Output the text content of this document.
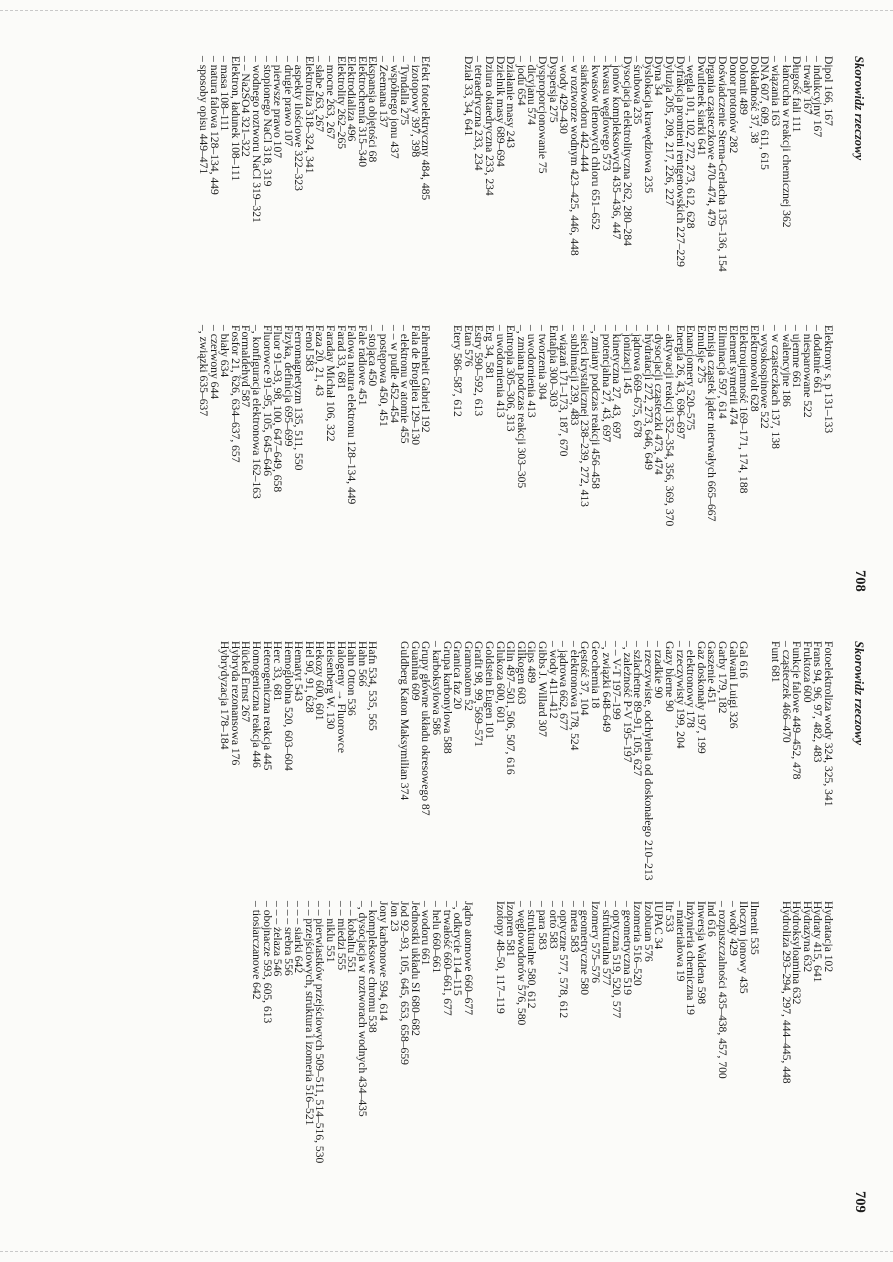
Skorowidz rzeczowy
708
Dipol 166, 167
– indukcyjny 167
– trwały 167
Długość fali 111
– łańcucha w reakcji chemicznej 362
– wiązania 163
DNA 607, 609, 611, 615
Dokładność 37, 38
Dolomit 489
Donor protonów 282
Doświadczenie Sterna-Gerlacha 135–136, 154
Drgania cząsteczkowe 470–474, 479
Dwutlenek siarki 641
– węgla 101, 102, 272, 273, 612, 628
Dyfrakcja promieni rentgenowskich 227–229
Dyluzja 205, 209, 217, 226, 227
Dyna 34
Dyslokacja krawędziowa 235
– śrubowa 235
Dysocjacja elektrolityczna 262, 280–284
– jonów kompleksowych 435–436, 447
– kwasu węglowego 573
– kwasów tlenowych chloru 651–652
– siarkowodoru 442–444
– w roztworze wodnym 423–425, 446, 448
– wody 429–430
Dyspersja 275
Dysproporcjonowanie 75
– dicyjanu 574
– jodu 654
Działanie masy 243
Dzielnik masy 689–694
Dziura oktaedryczna 233, 234
– tetraedryczna 233, 234
Dział 33, 34, 641
Efekt fotoelektryczny 484, 485
– izotopowy 397, 398
– Tyndalla 275
– współnego jonu 437
– Zeemana 137
Ekspansja objętości 68
Elektrochemia 315–340
Elektrodializa 496
Elektrolity 262–265
– mocne 263, 267
– słabe 263, 267
Elektroliza 318–324, 341
– aspekty ilościowe 322–323
– drugie prawo 107
– pierwsze prawo 107
– stopionego NaCl 318, 319
– wodnego roztworu NaCl 319–321
– – Na2SO4 321–322
Elektron, ładunek 108–111
– masa 108–111
– natura falowa 128–134, 449
– sposoby opisu 449–471
Elektrony s, p 131–133
– dodatnie 661
– niesparowane 522
– ujemne 661
– walencyjne 186
– w cząsteczkach 137, 138
– wysokospinowe 522
Elektronowolt 628
Elektroujemność 169–171, 174, 188
Element symetrii 474
Eliminacja 597, 614
Emisja cząstek jąder nietrwałych 665–667
Emulsje 275
Enancjomery 520–575
Energia 26, 43, 696–697
– aktywacji reakcji 352–354, 356, 369, 370
– dysocjacji cząsteczki 473, 474
– hydratacji 272, 273, 646, 649
– jądrowa 669–675, 678
– jonizacji 145
– kinetyczna 27, 43, 697
– potencjalna 27, 43, 697
–, zmiany podczas reakcji 456–458
– sieci krystalicznej 238–239, 272, 413
– sublimacji 239, 483
– wiązań 171–173, 187, 670
Entalpia 300–303
– tworzenia 304
– uwodornienia 413
–, zmiana podczas reakcji 303–305
Entropia 305–306, 313
– uwodornienia 413
Erg 34, 581
Estry 590–592, 613
Etan 576
Etery 586–587, 612
Fahrenheit Gabriel 192
Fala de Brogliea 129–130
– elektronu w atomie 455
– – w pudle 452–454
– postępowa 450, 451
– stojąca 450
Fale radiowe 451
Falowa natura elektronu 128–134, 449
Farad 33, 681
Faraday Michał 106, 322
Faza 20, 21, 43
Fenol 583
Ferromagnetyzm 135, 511, 550
Fizyka, definicja 695–699
Fluor 91–93, 98, 100, 647–649, 658
Fluorowce 91–95, 105, 645–646
–, konfiguracja elektronowa 162–163
Formaldehyd 587
Fosfor 21, 626, 634–637, 657
– biały 634
– czerwony 644
–, związki 635–637
Skorowidz rzeczowy
709
Fotoelektroliza wody 324, 325, 341
Frans 94, 96, 97, 482, 483
Fruktoza 600
Funkcje falowe 449–452, 478
– cząsteczek 466–470
Funt 681
Gal 616
Galwani Luigi 326
Garby 179, 182
Gaszenie 451
Gaz doskonały 197, 199
– elektronowy 178
– rzeczywisty 199, 204
Gazy bierne 90
– rzadkie 90
– rzeczywiste, odchylenia od doskonałego 210–213
– szlachetne 89–91, 105, 627
–, zależność P-V 195–197
– – V-T 197–199
–, związki 648–649
Geochemia 18
Gęstość 37, 104
– elektronowa 178, 524
– jądrowa 662, 677
– wody 411–412
Gibbs J. Willard 307
Gips 489
Glikogen 603
Glin 497–501, 506, 507, 616
Glukoza 600, 601
Goldstein Eugen 101
Grafit 98, 99, 569–571
Gramoatom 52
Granica faz 20
Grupa karbonylowa 588
– karboksylowa 586
Grupy główne układu okresowego 87
Guanina 609
Guldberg Katon Maksymilian 374
Hafn 534, 535, 565
Hahn 566
Hahn Otton 536
Halogeny → Fluorowce
Heisenberg W. 130
Hekozy 600, 601
Hel 90, 91, 628
Hematyt 543
Hemoglobina 520, 603–604
Herc 33, 681
Heterogeniczna reakcja 445
Homogeniczna reakcja 446
Hückel Ernst 267
Hybryda rezonansowa 176
Hybrydyzacja 178–184
Hydratacja 102
Hydraty 415, 641
Hydrazyna 632
Hydroksyloamina 632
Hydroliza 293–294, 297, 444–445, 448
Ilmenit 535
Iloczyn jonowy 435
– wody 429
– rozpuszczalności 435–438, 457, 700
Ind 616
Inwersja Waldena 598
Inżynieria chemiczna 19
– materiałowa 19
Itr 533
IUPAC 34
Izobutan 576
Izomeria 516–520
– geometryczna 519
– optyczna 519, 520, 577
– strukturalna 577
Izomery 575–576
– geometryczne 580
– meta 583
– optyczne 577, 578, 612
– orto 583
– para 583
– strukturalne 580, 612
– węglowodorów 576, 580
Izopren 581
Izotopy 48–50, 117–119
Jądro atomowe 660–677
–, odkrycie 114–115
– trwałość 660–661, 677
– helu 660–661
– wodoru 661
Jednostki układu SI 680–682
Jod 92–93, 105, 645, 653, 658–659
Jon 23
Jony karbonowe 594, 614
– kompleksowe chromu 538
–, dysocjacja w roztworach wodnych 434–435
– – kobaltu 551
– – miedzi 555
– – niklu 551
– – pierwiastków przejściowych 509–511, 514–516, 530
– – przejściowych, struktura i izomeria 516–521
– – – siarki 642
– – – srebra 556
– – – żelaza 546
– obojnacze 593, 605, 613
– tiosiarczanowe 642
